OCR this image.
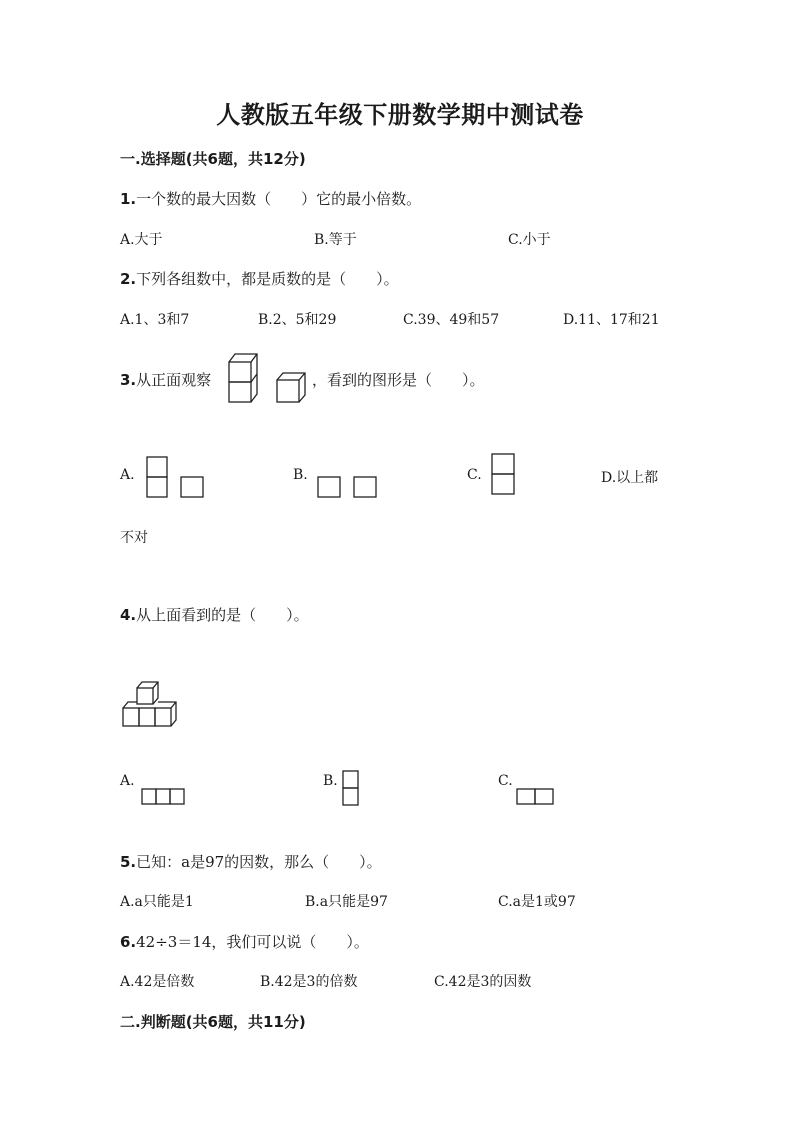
人教版五年级下册数学期中测试卷
一.选择题(共6题，共12分)
1.一个数的最大因数（　　）它的最小倍数。
A.大于	B.等于	C.小于
2.下列各组数中，都是质数的是（　　）。
A.1、3和7	B.2、5和29	C.39、49和57	D.11、17和21
3.从正面观察	，看到的图形是（　　）。
A.	B.	C.	D.以上都
不对
4.从上面看到的是（　　）。
A.	B.	C.
5.已知：a是97的因数，那么（　　）。
A.a只能是1	B.a只能是97	C.a是1或97
6.42÷3＝14，我们可以说（　　）。
A.42是倍数	B.42是3的倍数	C.42是3的因数
二.判断题(共6题，共11分)
